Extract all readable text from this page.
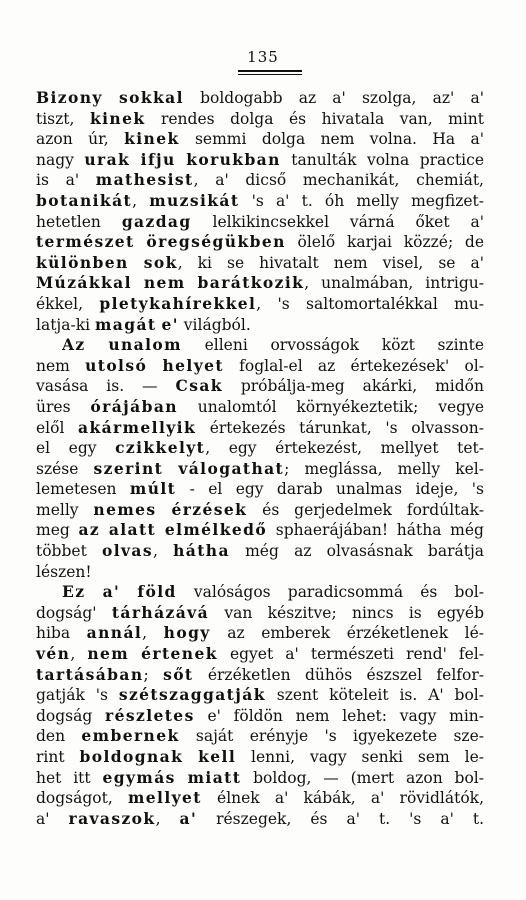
135
Bizony sokkal boldogabb az a' szolga, az' a'
tiszt, kinek rendes dolga és hivatala van, mint
azon úr, kinek semmi dolga nem volna. Ha a'
nagy urak ifju korukban tanulták volna practice
is a' mathesist, a' dicső mechanikát, chemiát,
botanikát, muzsikát 's a' t. óh melly megfizet-
hetetlen gazdag lelkikincsekkel várná őket a'
természet öregségükben ölelő karjai közzé; de
különben sok, ki se hivatalt nem visel, se a'
Múzákkal nem barátkozik, unalmában, intrigu-
ékkel, pletykahírekkel, 's saltomortalékkal mu-
latja-ki magát e' világból.
Az unalom elleni orvosságok közt szinte
nem utolsó helyet foglal-el az értekezések' ol-
vasása is. — Csak próbálja-meg akárki, midőn
üres órájában unalomtól környékeztetik; vegye
elől akármellyik értekezés tárunkat, 's olvasson-
el egy czikkelyt, egy értekezést, mellyet tet-
szése szerint válogathat; meglássa, melly kel-
lemetesen múlt - el egy darab unalmas ideje, 's
melly nemes érzések és gerjedelmek fordúltak-
meg az alatt elmélkedő sphaerájában! hátha még
többet olvas, hátha még az olvasásnak barátja
lészen!
Ez a' föld valóságos paradicsommá és bol-
dogság' tárházává van készitve; nincs is egyéb
hiba annál, hogy az emberek érzéketlenek lé-
vén, nem értenek egyet a' természeti rend' fel-
tartásában; sőt érzéketlen dühös észszel felfor-
gatják 's szétszaggatják szent köteleit is. A' bol-
dogság részletes e' földön nem lehet: vagy min-
den embernek saját erényje 's igyekezete sze-
rint boldognak kell lenni, vagy senki sem le-
het itt egymás miatt boldog, — (mert azon bol-
dogságot, mellyet élnek a' kábák, a' rövidlátók,
a' ravaszok, a' részegek, és a' t. 's a' t.
